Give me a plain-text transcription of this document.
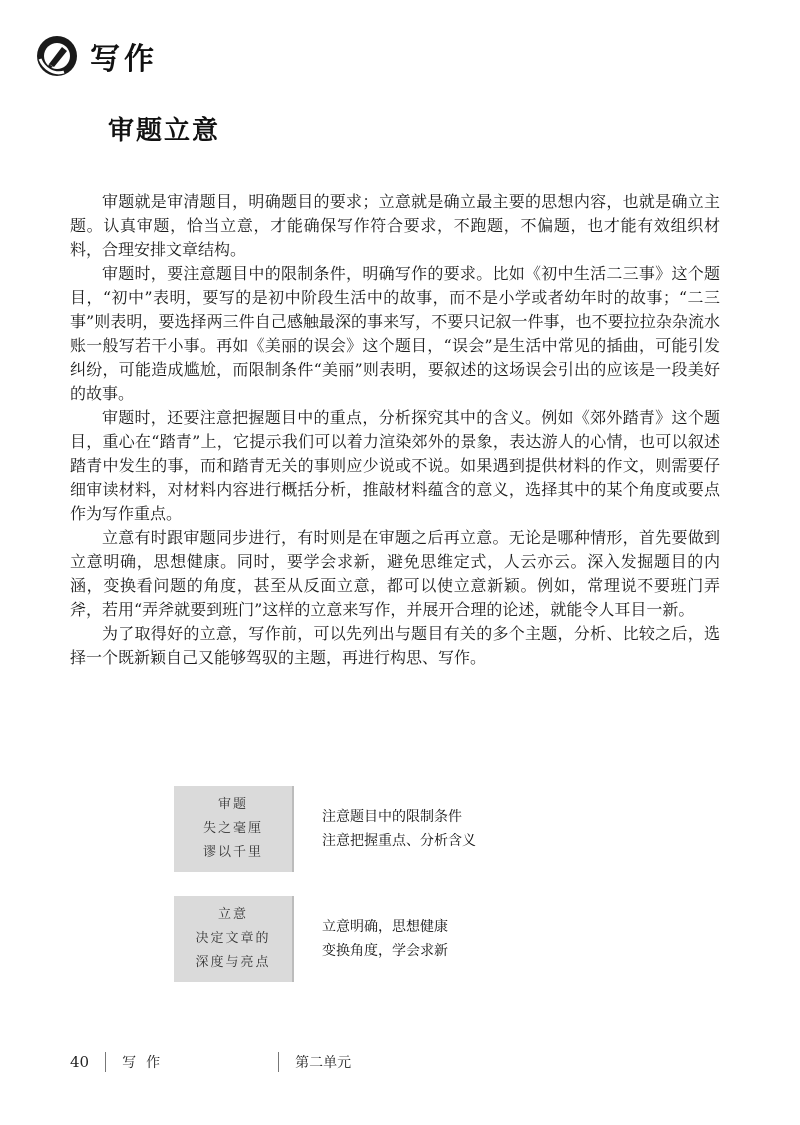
写作
审题立意

审题就是审清题目，明确题目的要求；立意就是确立最主要的思想内容，也就是确立主题。认真审题，恰当立意，才能确保写作符合要求，不跑题，不偏题，也才能有效组织材料，合理安排文章结构。

审题时，要注意题目中的限制条件，明确写作的要求。比如《初中生活二三事》这个题目，“初中”表明，要写的是初中阶段生活中的故事，而不是小学或者幼年时的故事；“二三事”则表明，要选择两三件自己感触最深的事来写，不要只记叙一件事，也不要拉拉杂杂流水账一般写若干小事。再如《美丽的误会》这个题目，“误会”是生活中常见的插曲，可能引发纠纷，可能造成尴尬，而限制条件“美丽”则表明，要叙述的这场误会引出的应该是一段美好的故事。

审题时，还要注意把握题目中的重点，分析探究其中的含义。例如《郊外踏青》这个题目，重心在“踏青”上，它提示我们可以着力渲染郊外的景象，表达游人的心情，也可以叙述踏青中发生的事，而和踏青无关的事则应少说或不说。如果遇到提供材料的作文，则需要仔细审读材料，对材料内容进行概括分析，推敲材料蕴含的意义，选择其中的某个角度或要点作为写作重点。

立意有时跟审题同步进行，有时则是在审题之后再立意。无论是哪种情形，首先要做到立意明确，思想健康。同时，要学会求新，避免思维定式，人云亦云。深入发掘题目的内涵，变换看问题的角度，甚至从反面立意，都可以使立意新颖。例如，常理说不要班门弄斧，若用“弄斧就要到班门”这样的立意来写作，并展开合理的论述，就能令人耳目一新。

为了取得好的立意，写作前，可以先列出与题目有关的多个主题，分析、比较之后，选择一个既新颖自己又能够驾驭的主题，再进行构思、写作。

审题
失之毫厘
谬以千里
注意题目中的限制条件
注意把握重点、分析含义
立意
决定文章的
深度与亮点
立意明确，思想健康
变换角度，学会求新
40 写作	第二单元
